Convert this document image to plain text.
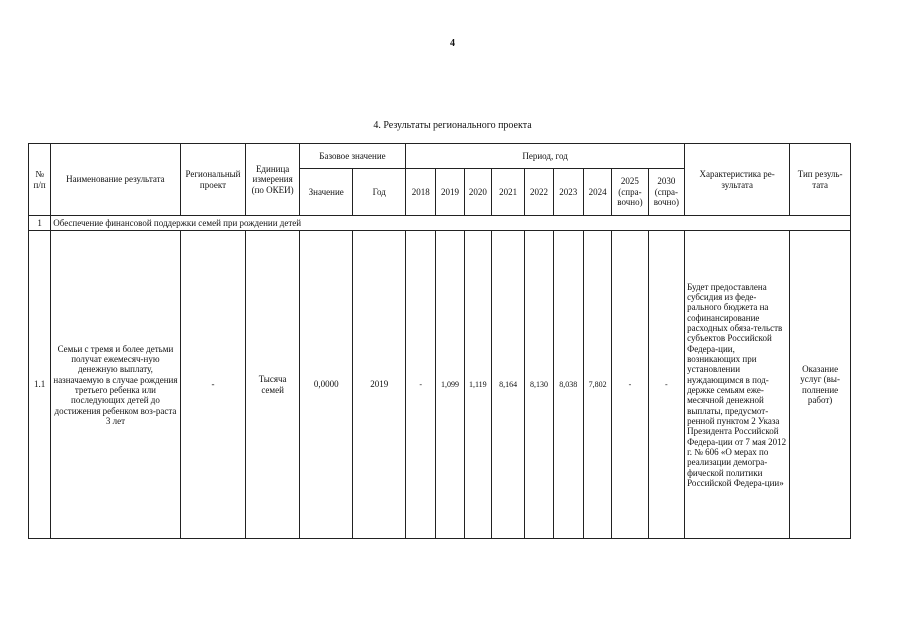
4
4. Результаты регионального проекта
№ п/п	Наименование результата	Региональный проект	Единица измерения (по ОКЕИ)	Базовое значение		Период, год									Характеристика ре-зультата	Тип резуль-тата
				Значение	Год	2018	2019	2020	2021	2022	2023	2024	2025 (спра-вочно)	2030 (спра-вочно)		
1	Обеспечение финансовой поддержки семей при рождении детей															
1.1	Семьи с тремя и более детьми получат ежемесяч-ную денежную выплату, назначаемую в случае рождения третьего ребенка или последующих детей до достижения ребенком воз-раста 3 лет	-	Тысяча семей	0,0000	2019	-	1,099	1,119	8,164	8,130	8,038	7,802	-	-	Будет предоставлена субсидия из феде-рального бюджета на софинансирование расходных обяза-тельств субъектов Российской Федера-ции, возникающих при установлении нуждающимся в под-держке семьям еже-месячной денежной выплаты, предусмот-ренной пунктом 2 Указа Президента Российской Федера-ции от 7 мая 2012 г. № 606 «О мерах по реализации демогра-фической политики Российской Федера-ции»	Оказание услуг (вы-полнение работ)
